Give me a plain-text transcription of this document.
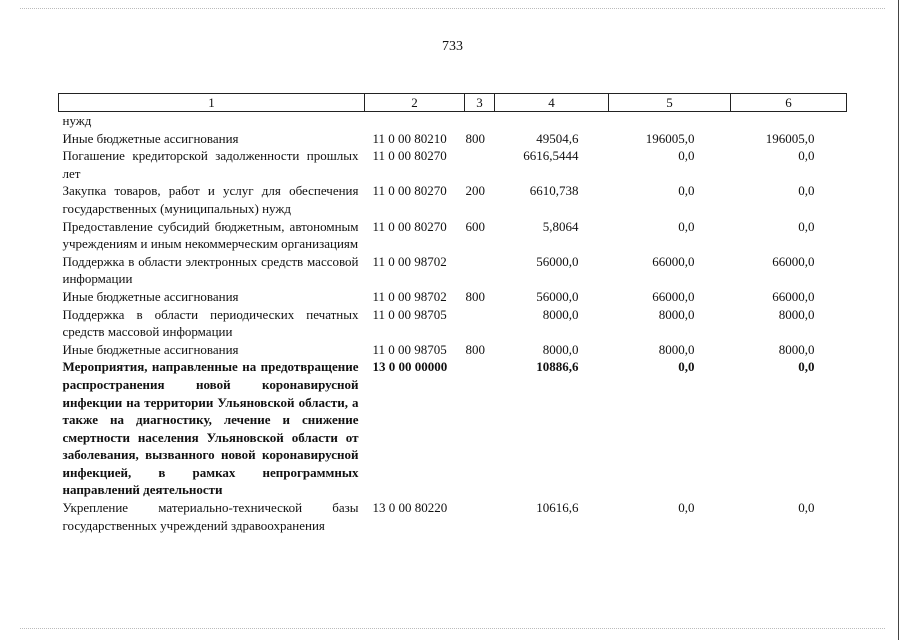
733
1	2	3	4	5	6
нужд					
Иные бюджетные ассигнования	11 0 00 80210	800	49504,6	196005,0	196005,0
Погашение кредиторской задолженности прошлых лет	11 0 00 80270		6616,5444	0,0	0,0
Закупка товаров, работ и услуг для обеспечения государственных (муниципальных) нужд	11 0 00 80270	200	6610,738	0,0	0,0
Предоставление субсидий бюджетным, автономным учреждениям и иным некоммерческим организациям	11 0 00 80270	600	5,8064	0,0	0,0
Поддержка в области электронных средств массовой информации	11 0 00 98702		56000,0	66000,0	66000,0
Иные бюджетные ассигнования	11 0 00 98702	800	56000,0	66000,0	66000,0
Поддержка в области периодических печатных средств массовой информации	11 0 00 98705		8000,0	8000,0	8000,0
Иные бюджетные ассигнования	11 0 00 98705	800	8000,0	8000,0	8000,0
Мероприятия, направленные на предотвращение распространения новой коронавирусной инфекции на территории Ульяновской области, а также на диагностику, лечение и снижение смертности населения Ульяновской области от заболевания, вызванного новой коронавирусной инфекцией, в рамках непрограммных направлений деятельности	13 0 00 00000		10886,6	0,0	0,0
Укрепление материально-технической базы государственных учреждений здравоохранения	13 0 00 80220		10616,6	0,0	0,0
